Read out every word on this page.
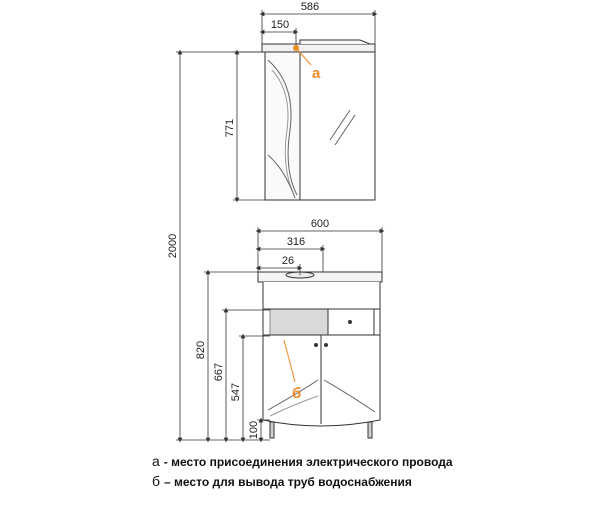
586
150
771
2000
600
316
26
820
667
547
100
а
б
а - место присоединения электрического провода
б – место для вывода труб водоснабжения
